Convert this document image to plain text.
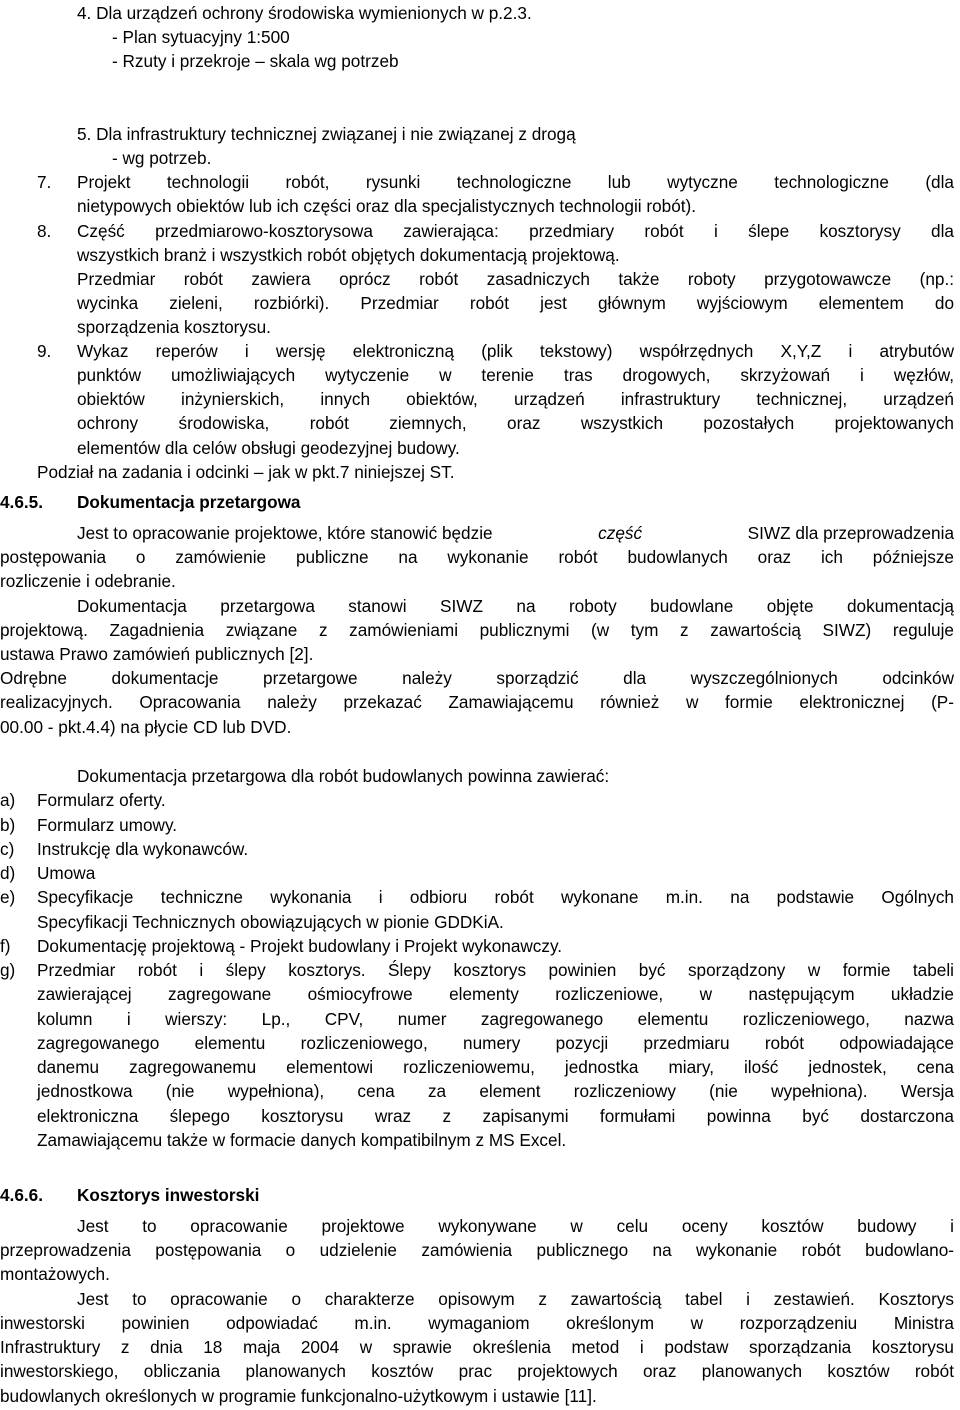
4. Dla urządzeń ochrony środowiska wymienionych w p.2.3.
- Plan sytuacyjny 1:500
- Rzuty i przekroje – skala wg potrzeb
5. Dla infrastruktury technicznej związanej i nie związanej z drogą
- wg potrzeb.
7. Projekt technologii robót, rysunki technologiczne lub wytyczne technologiczne (dla
nietypowych obiektów lub ich części oraz dla specjalistycznych technologii robót).
8. Część przedmiarowo-kosztorysowa zawierająca: przedmiary robót i ślepe kosztorysy dla
wszystkich branż i wszystkich robót objętych dokumentacją projektową.
Przedmiar robót zawiera oprócz robót zasadniczych także roboty przygotowawcze (np.:
wycinka zieleni, rozbiórki). Przedmiar robót jest głównym wyjściowym elementem do
sporządzenia kosztorysu.
9. Wykaz reperów i wersję elektroniczną (plik tekstowy) współrzędnych X,Y,Z i atrybutów
punktów umożliwiających wytyczenie w terenie tras drogowych, skrzyżowań i węzłów,
obiektów inżynierskich, innych obiektów, urządzeń infrastruktury technicznej, urządzeń
ochrony środowiska, robót ziemnych, oraz wszystkich pozostałych projektowanych
elementów dla celów obsługi geodezyjnej budowy.
Podział na zadania i odcinki – jak w pkt.7 niniejszej ST.
4.6.5. Dokumentacja przetargowa
Jest to opracowanie projektowe, które stanowić będzie	część	SIWZ dla przeprowadzenia
postępowania o zamówienie publiczne na wykonanie robót budowlanych oraz ich późniejsze
rozliczenie i odebranie.
Dokumentacja przetargowa stanowi SIWZ na roboty budowlane objęte dokumentacją
projektową. Zagadnienia związane z zamówieniami publicznymi (w tym z zawartością SIWZ) reguluje
ustawa Prawo zamówień publicznych [2].
Odrębne dokumentacje przetargowe należy sporządzić dla wyszczególnionych odcinków
realizacyjnych. Opracowania należy przekazać Zamawiającemu również w formie elektronicznej (P-
00.00 - pkt.4.4) na płycie CD lub DVD.
Dokumentacja przetargowa dla robót budowlanych powinna zawierać:
a) Formularz oferty.
b) Formularz umowy.
c) Instrukcję dla wykonawców.
d) Umowa
e) Specyfikacje techniczne wykonania i odbioru robót wykonane m.in. na podstawie Ogólnych
Specyfikacji Technicznych obowiązujących w pionie GDDKiA.
f) Dokumentację projektową - Projekt budowlany i Projekt wykonawczy.
g) Przedmiar robót i ślepy kosztorys. Ślepy kosztorys powinien być sporządzony w formie tabeli
zawierającej zagregowane ośmiocyfrowe elementy rozliczeniowe, w następującym układzie
kolumn i wierszy: Lp., CPV, numer zagregowanego elementu rozliczeniowego, nazwa
zagregowanego elementu rozliczeniowego, numery pozycji przedmiaru robót odpowiadające
danemu zagregowanemu elementowi rozliczeniowemu, jednostka miary, ilość jednostek, cena
jednostkowa (nie wypełniona), cena za element rozliczeniowy (nie wypełniona). Wersja
elektroniczna ślepego kosztorysu wraz z zapisanymi formułami powinna być dostarczona
Zamawiającemu także w formacie danych kompatibilnym z MS Excel.
4.6.6. Kosztorys inwestorski
Jest to opracowanie projektowe wykonywane w celu oceny kosztów budowy i
przeprowadzenia postępowania o udzielenie zamówienia publicznego na wykonanie robót budowlano-
montażowych.
Jest to opracowanie o charakterze opisowym z zawartością tabel i zestawień. Kosztorys
inwestorski powinien odpowiadać m.in. wymaganiom określonym w rozporządzeniu Ministra
Infrastruktury z dnia 18 maja 2004 w sprawie określenia metod i podstaw sporządzania kosztorysu
inwestorskiego, obliczania planowanych kosztów prac projektowych oraz planowanych kosztów robót
budowlanych określonych w programie funkcjonalno-użytkowym i ustawie [11].
